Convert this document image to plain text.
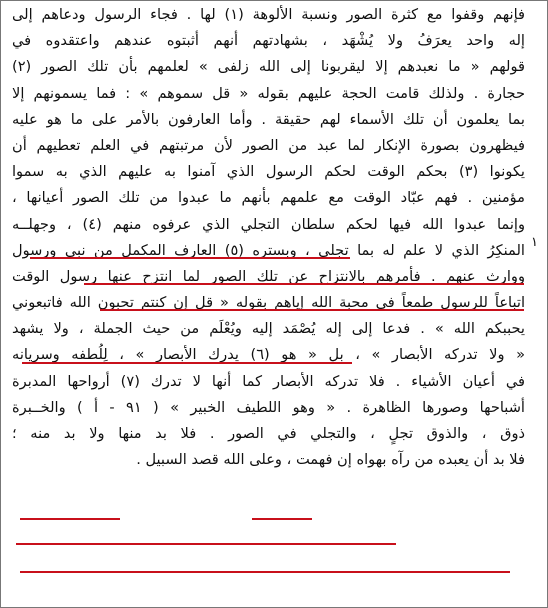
فإنهم وقفوا مع كثرة الصور ونسبة الألوهة (١) لها . فجاء الرسول ودعاهم إلى
إله واحد يعرَفُ ولا يُشْهَد ، بشهادتهم أنهم أثبتوه عندهم واعتقدوه في
قولهم « ما نعبدهم إلا ليقربونا إلى الله زلفى » لعلمهم بأن تلك الصور (٢)
حجارة . ولذلك قامت الحجة عليهم بقوله « قل سموهم » : فما يسمونهم إلا
بما يعلمون أن تلك الأسماء لهم حقيقة . وأما العارفون بالأمر على ما هو عليه
فيظهرون بصورة الإنكار لما عبد من الصور لأن مرتبتهم في العلم تعطيهم أن
يكونوا (٣) بحكم الوقت لحكم الرسول الذي آمنوا به عليهم الذي به سموا
مؤمنين . فهم عبّاد الوقت مع علمهم بأنهم ما عبدوا من تلك الصور أعيانها ،
وإنما عبدوا الله فيها لحكم سلطان التجلي الذي عرفوه منهم (٤) ، وجهلــه
المنكِرُ الذي لا علم له بما تجلى ، وبستره (٥) العارف المكمل من نبي ورسول
ووارث عنهم . فأمرهم بالانتزاح عن تلك الصور لما انتزح عنها رسول الوقت
اتباعاً للرسول طمعاً في محبة الله إياهم بقوله « قل إن كنتم تحبون الله فاتبعوني
يحببكم الله » . فدعا إلى إله يُصْمَد إليه ويُعْلَم من حيث الجملة ، ولا يشهد
« ولا تدركه الأبصار » ، بل « هو (٦) يدرك الأبصار » ، لِلُطفه وسريانه
في أعيان الأشياء . فلا تدركه الأبصار كما أنها لا تدرك (٧) أرواحها المدبرة
أشباحها وصورها الظاهرة . « وهو اللطيف الخبير » ( ٩١ - أ ) والخــبرة
ذوق ، والذوق تجلٍ ، والتجلي في الصور . فلا بد منها ولا بد منه ؛
فلا بد أن يعبده من رآه بهواه إن فهمت ، وعلى الله قصد السبيل .
١
